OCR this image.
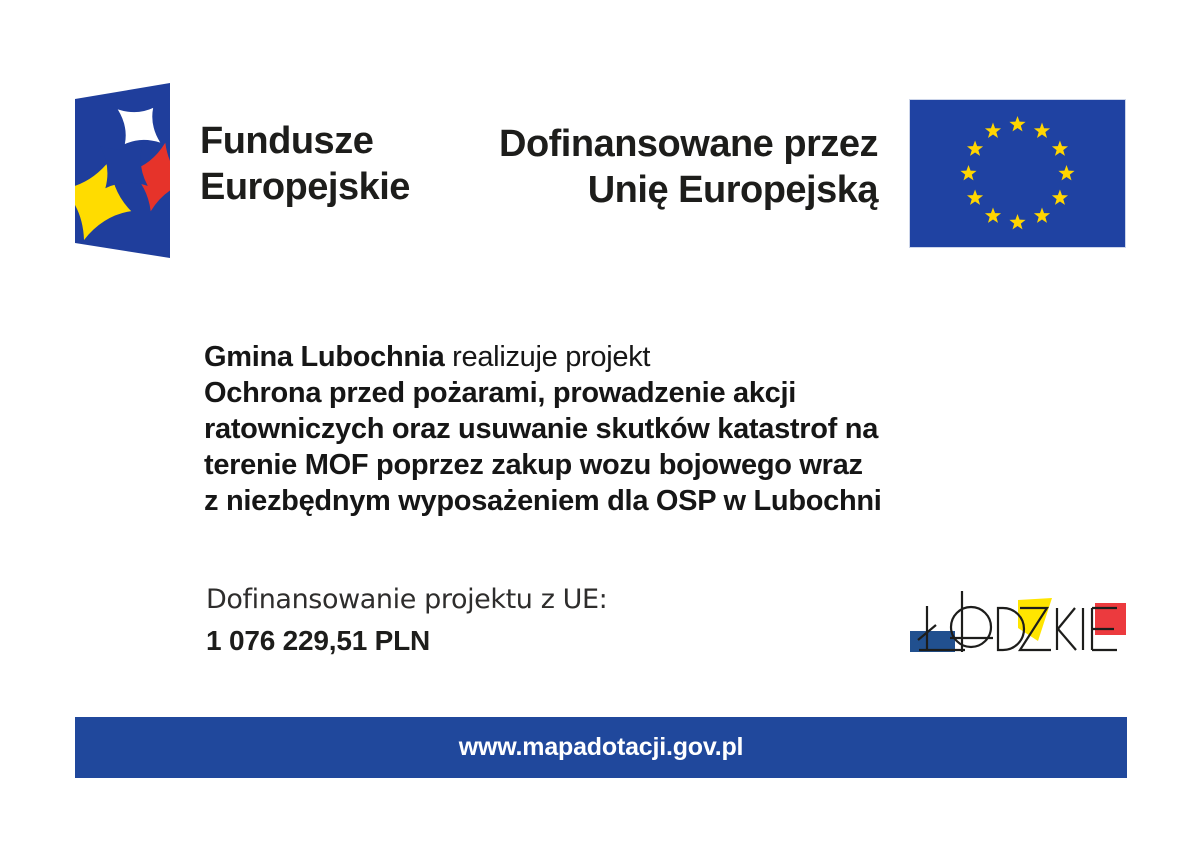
Fundusze
Europejskie
Dofinansowane przez
Unię Europejską
Gmina Lubochnia realizuje projekt
Ochrona przed pożarami, prowadzenie akcji
ratowniczych oraz usuwanie skutków katastrof na
terenie MOF poprzez zakup wozu bojowego wraz
z niezbędnym wyposażeniem dla OSP w Lubochni
Dofinansowanie projektu z UE:
1 076 229,51 PLN
www.mapadotacji.gov.pl
